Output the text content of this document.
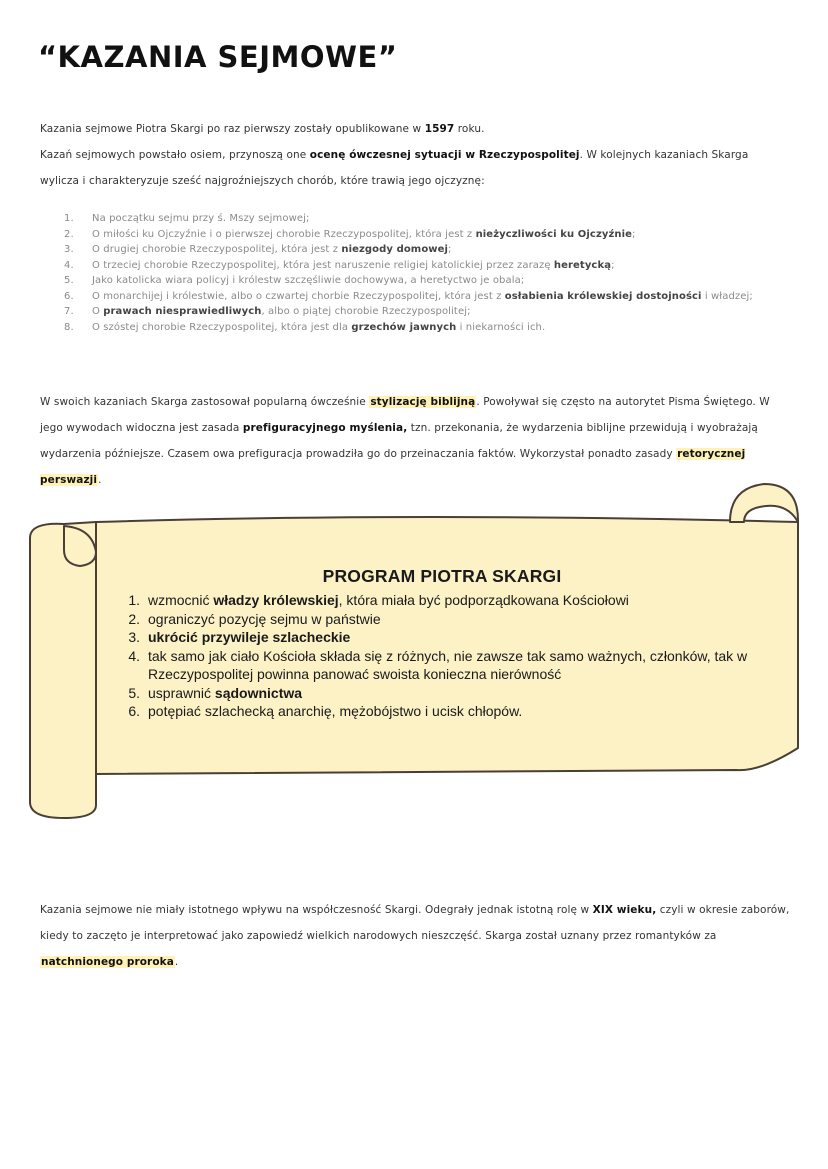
“KAZANIA SEJMOWE”

Kazania sejmowe Piotra Skargi po raz pierwszy zostały opublikowane w 1597 roku.

Kazań sejmowych powstało osiem, przynoszą one ocenę ówczesnej sytuacji w Rzeczypospolitej. W kolejnych kazaniach Skarga wylicza i charakteryzuje sześć najgroźniejszych chorób, które trawią jego ojczyznę:

1.	Na początku sejmu przy ś. Mszy sejmowej;
2.	O miłości ku Ojczyźnie i o pierwszej chorobie Rzeczypospolitej, która jest z nieżyczliwości ku Ojczyźnie;
3.	O drugiej chorobie Rzeczypospolitej, która jest z niezgody domowej;
4.	O trzeciej chorobie Rzeczypospolitej, która jest naruszenie religiej katolickiej przez zarazę heretycką;
5.	Jako katolicka wiara policyj i królestw szczęśliwie dochowywa, a heretyctwo je obala;
6.	O monarchijej i królestwie, albo o czwartej chorbie Rzeczypospolitej, która jest z osłabienia królewskiej dostojności i władzej;
7.	O prawach niesprawiedliwych, albo o piątej chorobie Rzeczypospolitej;
8.	O szóstej chorobie Rzeczypospolitej, która jest dla grzechów jawnych i niekarności ich.

W swoich kazaniach Skarga zastosował popularną ówcześnie stylizację biblijną. Powoływał się często na autorytet Pisma Świętego. W jego wywodach widoczna jest zasada prefiguracyjnego myślenia, tzn. przekonania, że wydarzenia biblijne przewidują i wyobrażają wydarzenia późniejsze. Czasem owa prefiguracja prowadziła go do przeinaczania faktów. Wykorzystał ponadto zasady retorycznej perswazji.

PROGRAM PIOTRA SKARGI
1. wzmocnić władzy królewskiej, która miała być podporządkowana Kościołowi
2. ograniczyć pozycję sejmu w państwie
3. ukrócić przywileje szlacheckie
4. tak samo jak ciało Kościoła składa się z różnych, nie zawsze tak samo ważnych, członków, tak w Rzeczypospolitej powinna panować swoista konieczna nierówność
5. usprawnić sądownictwa
6. potępiać szlachecką anarchię, mężobójstwo i ucisk chłopów.

Kazania sejmowe nie miały istotnego wpływu na współczesność Skargi. Odegrały jednak istotną rolę w XIX wieku, czyli w okresie zaborów, kiedy to zaczęto je interpretować jako zapowiedź wielkich narodowych nieszczęść. Skarga został uznany przez romantyków za natchnionego proroka.
